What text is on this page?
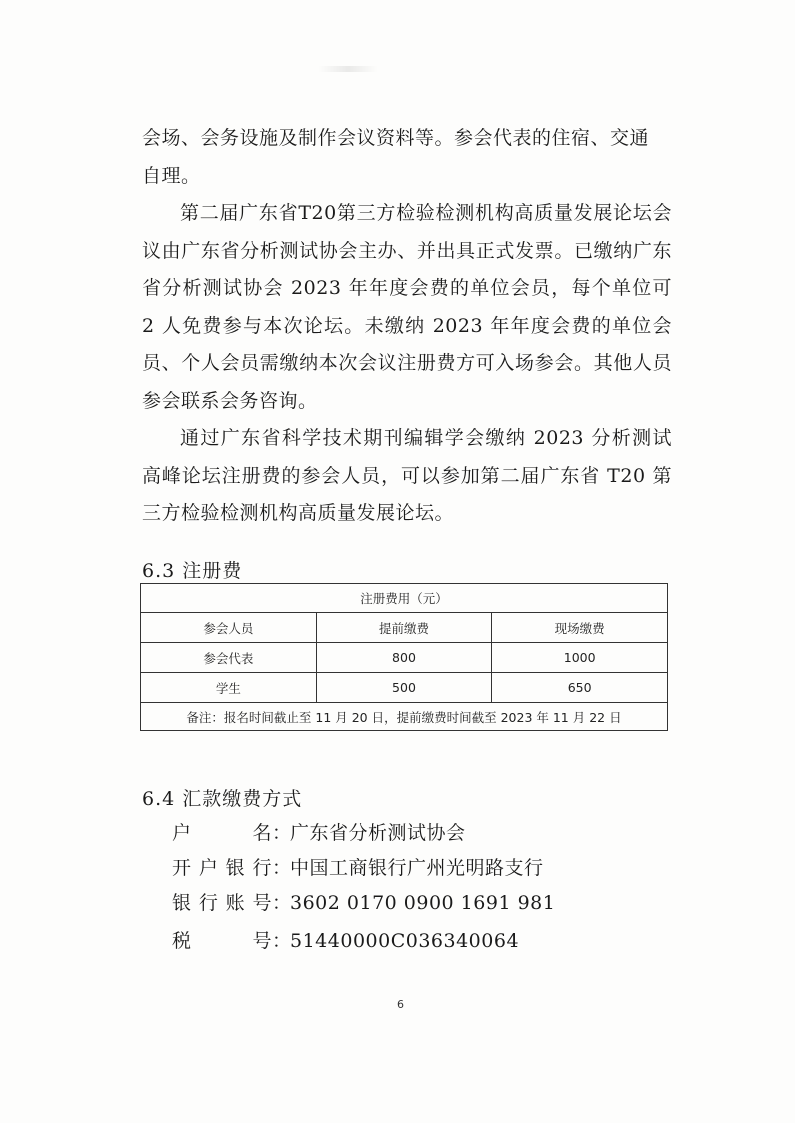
会场、会务设施及制作会议资料等。参会代表的住宿、交通
自理。
第二届广东省T20第三方检验检测机构高质量发展论坛会议由广东省分析测试协会主办、并出具正式发票。已缴纳广东省分析测试协会 2023 年年度会费的单位会员，每个单位可 2 人免费参与本次论坛。未缴纳 2023 年年度会费的单位会员、个人会员需缴纳本次会议注册费方可入场参会。其他人员参会联系会务咨询。
通过广东省科学技术期刊编辑学会缴纳 2023 分析测试高峰论坛注册费的参会人员，可以参加第二届广东省 T20 第三方检验检测机构高质量发展论坛。
6.3 注册费
注册费用（元）		
参会人员	提前缴费	现场缴费
参会代表	800	1000
学生	500	650
备注：报名时间截止至 11 月 20 日，提前缴费时间截至 2023 年 11 月 22 日		
6.4 汇款缴费方式
户　名：广东省分析测试协会
开户银行：中国工商银行广州光明路支行
银行账号：3602 0170 0900 1691 981
税　号：51440000C036340064
6
